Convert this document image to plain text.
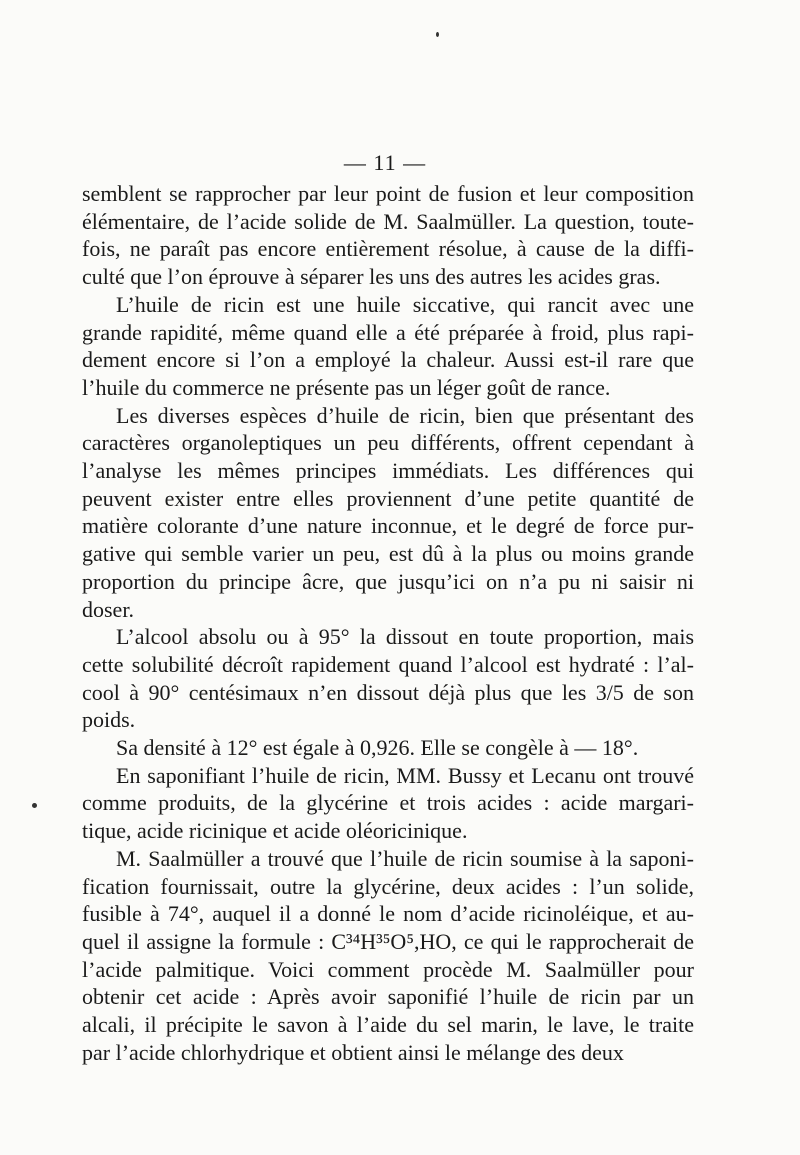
— 11 —
semblent se rapprocher par leur point de fusion et leur composition
élémentaire, de l’acide solide de M. Saalmüller. La question, toute-
fois, ne paraît pas encore entièrement résolue, à cause de la diffi-
culté que l’on éprouve à séparer les uns des autres les acides gras.
L’huile de ricin est une huile siccative, qui rancit avec une
grande rapidité, même quand elle a été préparée à froid, plus rapi-
dement encore si l’on a employé la chaleur. Aussi est-il rare que
l’huile du commerce ne présente pas un léger goût de rance.
Les diverses espèces d’huile de ricin, bien que présentant des
caractères organoleptiques un peu différents, offrent cependant à
l’analyse les mêmes principes immédiats. Les différences qui
peuvent exister entre elles proviennent d’une petite quantité de
matière colorante d’une nature inconnue, et le degré de force pur-
gative qui semble varier un peu, est dû à la plus ou moins grande
proportion du principe âcre, que jusqu’ici on n’a pu ni saisir ni
doser.
L’alcool absolu ou à 95° la dissout en toute proportion, mais
cette solubilité décroît rapidement quand l’alcool est hydraté : l’al-
cool à 90° centésimaux n’en dissout déjà plus que les 3/5 de son
poids.
Sa densité à 12° est égale à 0,926. Elle se congèle à — 18°.
En saponifiant l’huile de ricin, MM. Bussy et Lecanu ont trouvé
comme produits, de la glycérine et trois acides : acide margari-
tique, acide ricinique et acide oléoricinique.
M. Saalmüller a trouvé que l’huile de ricin soumise à la saponi-
fication fournissait, outre la glycérine, deux acides : l’un solide,
fusible à 74°, auquel il a donné le nom d’acide ricinoléique, et au-
quel il assigne la formule : C³⁴H³⁵O⁵,HO, ce qui le rapprocherait de
l’acide palmitique. Voici comment procède M. Saalmüller pour
obtenir cet acide : Après avoir saponifié l’huile de ricin par un
alcali, il précipite le savon à l’aide du sel marin, le lave, le traite
par l’acide chlorhydrique et obtient ainsi le mélange des deux
